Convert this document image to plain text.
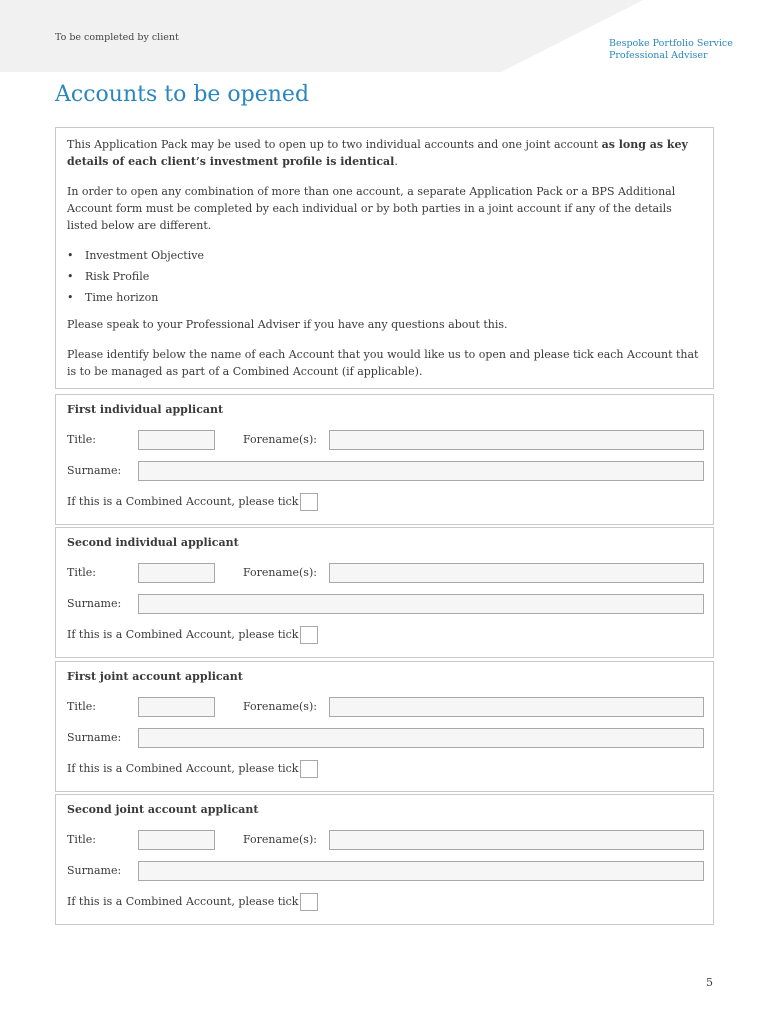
To be completed by client
Bespoke Portfolio Service
Professional Adviser
Accounts to be opened

This Application Pack may be used to open up to two individual accounts and one joint account as long as key details of each client’s investment profile is identical.

In order to open any combination of more than one account, a separate Application Pack or a BPS Additional Account form must be completed by each individual or by both parties in a joint account if any of the details listed below are different.

• Investment Objective
• Risk Profile
• Time horizon

Please speak to your Professional Adviser if you have any questions about this.

Please identify below the name of each Account that you would like us to open and please tick each Account that is to be managed as part of a Combined Account (if applicable).

First individual applicant
Title:	Forename(s):
Surname:
If this is a Combined Account, please tick
Second individual applicant
Title:	Forename(s):
Surname:
If this is a Combined Account, please tick
First joint account applicant
Title:	Forename(s):
Surname:
If this is a Combined Account, please tick
Second joint account applicant
Title:	Forename(s):
Surname:
If this is a Combined Account, please tick
5
